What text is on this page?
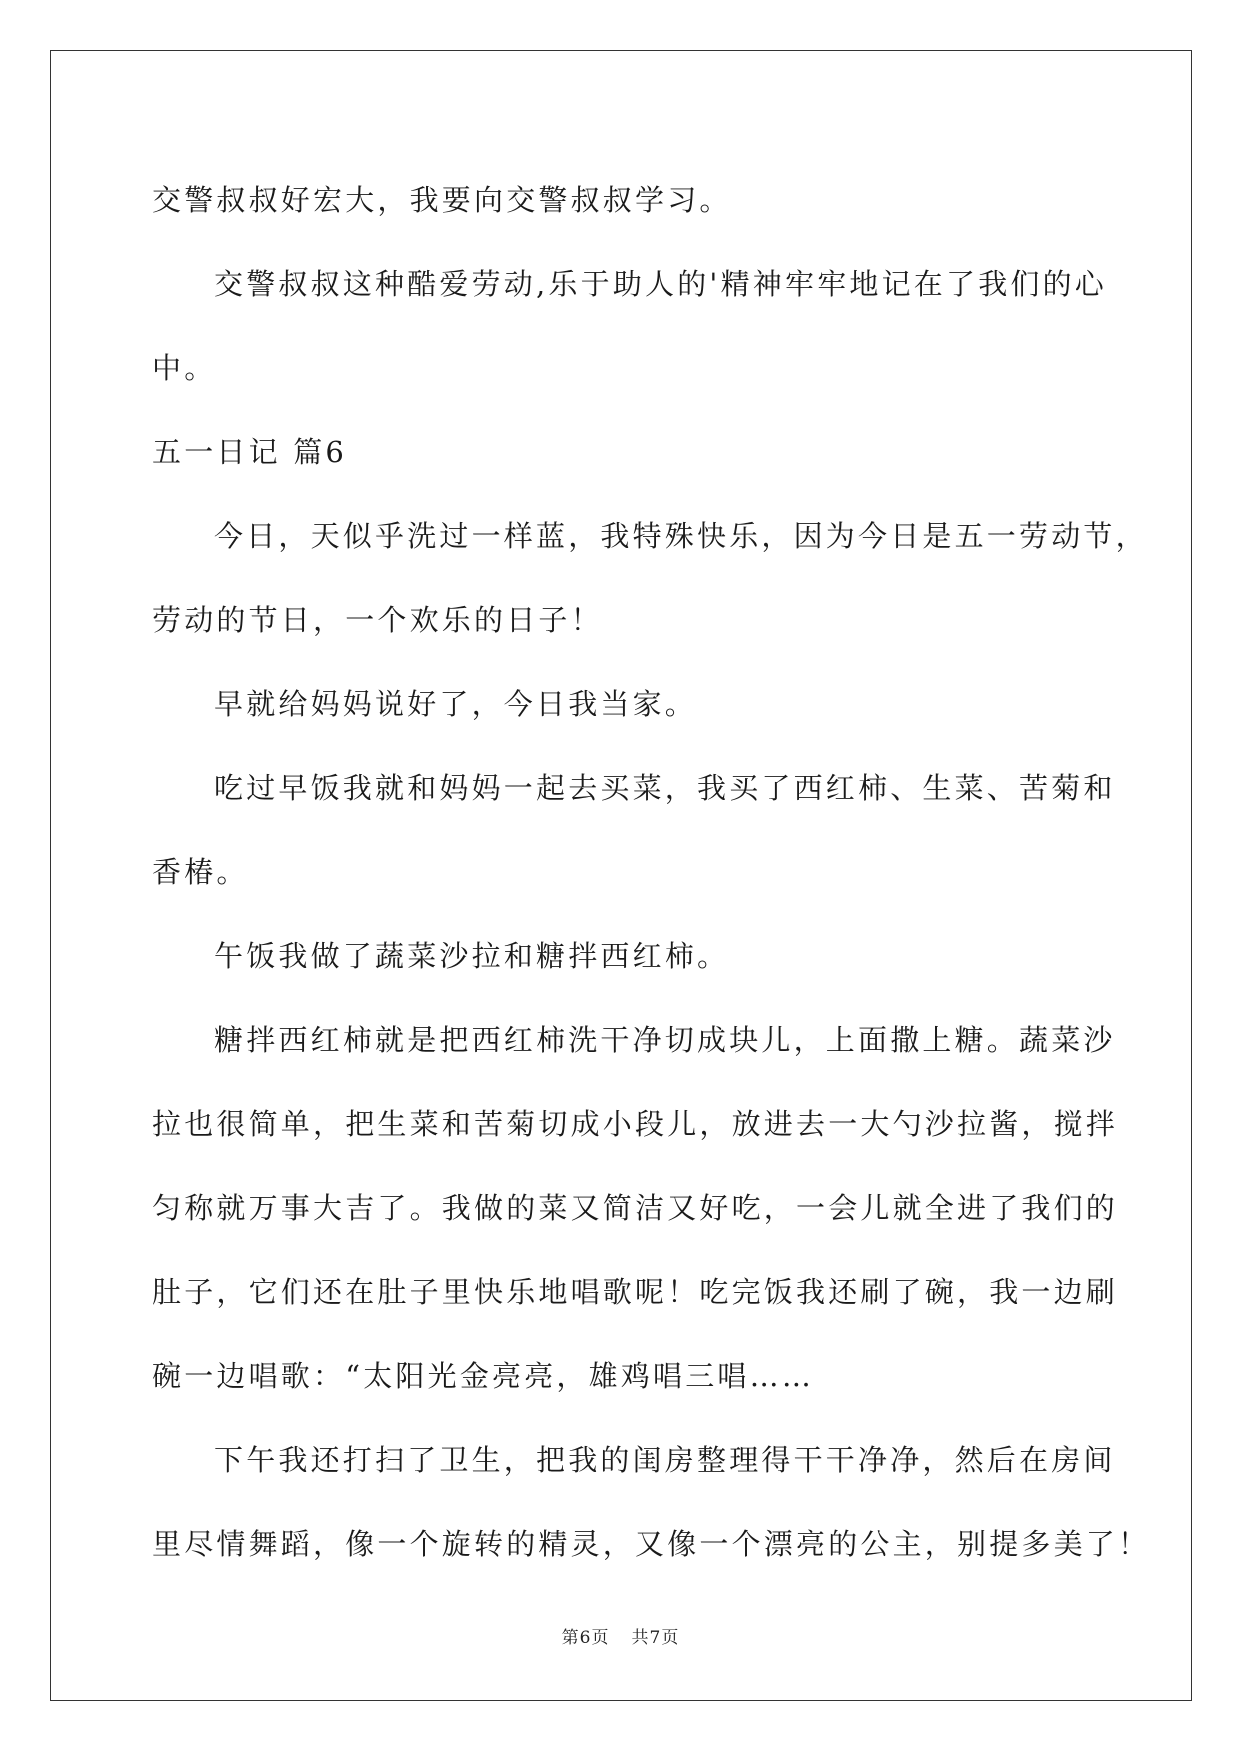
交警叔叔好宏大，我要向交警叔叔学习。
交警叔叔这种酷爱劳动,乐于助人的'精神牢牢地记在了我们的心
中。
五一日记 篇6
今日，天似乎洗过一样蓝，我特殊快乐，因为今日是五一劳动节，
劳动的节日，一个欢乐的日子！
早就给妈妈说好了，今日我当家。
吃过早饭我就和妈妈一起去买菜，我买了西红柿、生菜、苦菊和
香椿。
午饭我做了蔬菜沙拉和糖拌西红柿。
糖拌西红柿就是把西红柿洗干净切成块儿，上面撒上糖。蔬菜沙
拉也很简单，把生菜和苦菊切成小段儿，放进去一大勺沙拉酱，搅拌
匀称就万事大吉了。我做的菜又简洁又好吃，一会儿就全进了我们的
肚子，它们还在肚子里快乐地唱歌呢！吃完饭我还刷了碗，我一边刷
碗一边唱歌：“太阳光金亮亮，雄鸡唱三唱……
下午我还打扫了卫生，把我的闺房整理得干干净净，然后在房间
里尽情舞蹈，像一个旋转的精灵，又像一个漂亮的公主，别提多美了！
第6页 共7页
